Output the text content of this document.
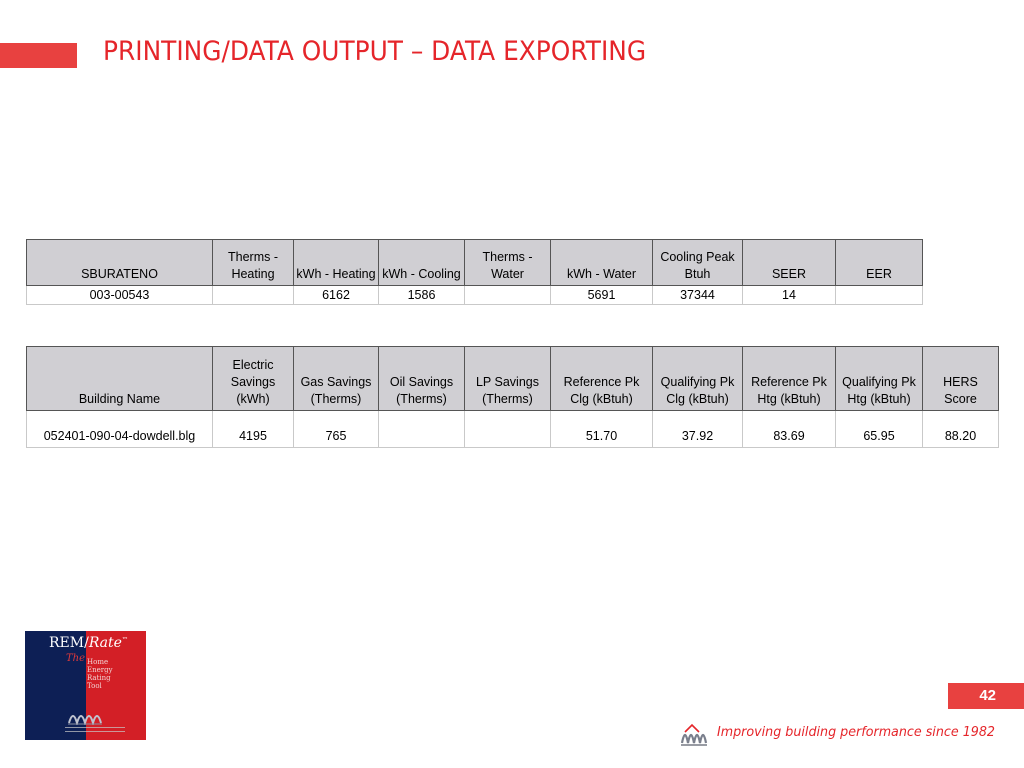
PRINTING/DATA OUTPUT – DATA EXPORTING
SBURATENO	Therms - Heating	kWh - Heating	kWh - Cooling	Therms - Water	kWh - Water	Cooling Peak Btuh	SEER	EER
003-00543		6162	1586		5691	37344	14	
Building Name	Electric Savings (kWh)	Gas Savings (Therms)	Oil Savings (Therms)	LP Savings (Therms)	Reference Pk Clg (kBtuh)	Qualifying Pk Clg (kBtuh)	Reference Pk Htg (kBtuh)	Qualifying Pk Htg (kBtuh)	HERS Score
052401-090-04-dowdell.blg	4195	765			51.70	37.92	83.69	65.95	88.20
REM/Rate™
The Home
Energy
Rating
Tool
42
Improving building performance since 1982
